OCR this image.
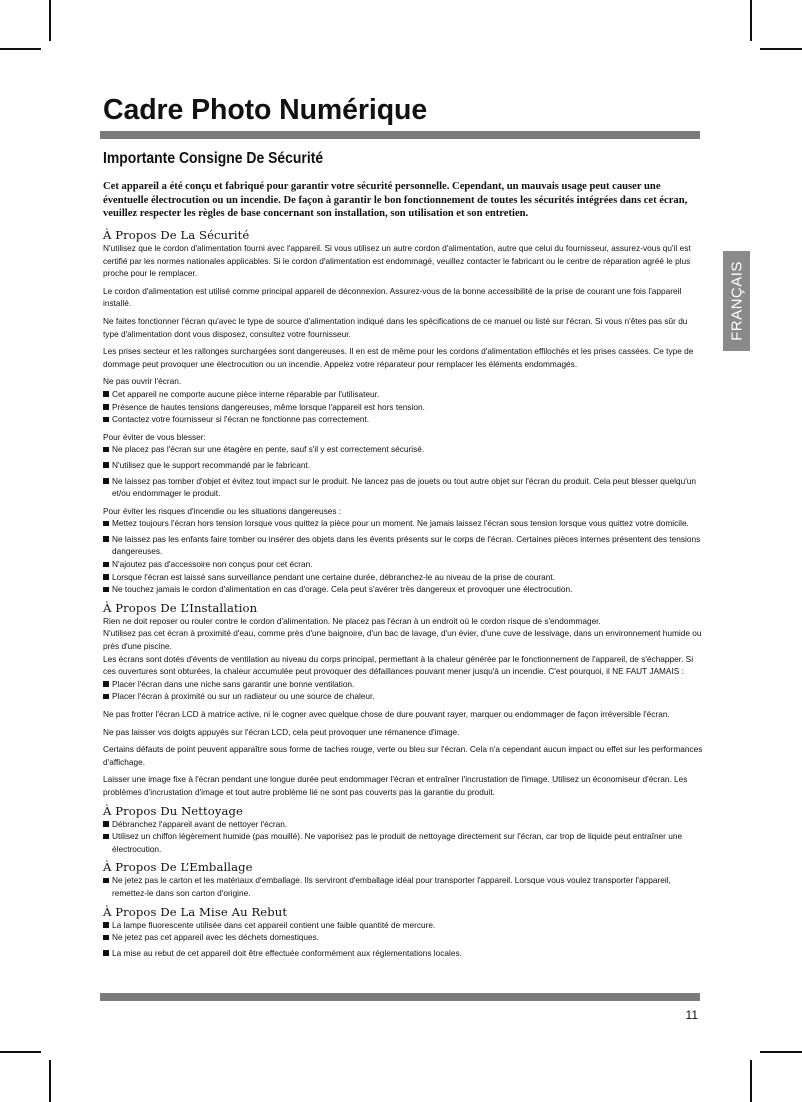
Cadre Photo Numérique
Importante Consigne De Sécurité

Cet appareil a été conçu et fabriqué pour garantir votre sécurité personnelle. Cependant, un mauvais usage peut causer une éventuelle électrocution ou un incendie. De façon à garantir le bon fonctionnement de toutes les sécurités intégrées dans cet écran, veuillez respecter les règles de base concernant son installation, son utilisation et son entretien.

FRANÇAIS
À Propos De La Sécurité

N'utilisez que le cordon d'alimentation fourni avec l'appareil. Si vous utilisez un autre cordon d'alimentation, autre que celui du fournisseur, assurez-vous qu'il est certifié par les normes nationales applicables. Si le cordon d'alimentation est endommagé, veuillez contacter le fabricant ou le centre de réparation agréé le plus proche pour le remplacer.

Le cordon d'alimentation est utilisé comme principal appareil de déconnexion. Assurez-vous de la bonne accessibilité de la prise de courant une fois l'appareil installé.

Ne faites fonctionner l'écran qu'avec le type de source d'alimentation indiqué dans les spécifications de ce manuel ou listé sur l'écran. Si vous n'êtes pas sûr du type d'alimentation dont vous disposez, consultez votre fournisseur.

Les prises secteur et les rallonges surchargées sont dangereuses. Il en est de même pour les cordons d'alimentation effilochés et les prises cassées. Ce type de dommage peut provoquer une électrocution ou un incendie. Appelez votre réparateur pour remplacer les éléments endommagés.

Ne pas ouvrir l'écran.

Cet appareil ne comporte aucune pièce interne réparable par l'utilisateur.
Présence de hautes tensions dangereuses, même lorsque l'appareil est hors tension.
Contactez votre fournisseur si l'écran ne fonctionne pas correctement.

Pour éviter de vous blesser:

Ne placez pas l'écran sur une étagère en pente, sauf s'il y est correctement sécurisé.
N'utilisez que le support recommandé par le fabricant.
Ne laissez pas tomber d'objet et évitez tout impact sur le produit. Ne lancez pas de jouets ou tout autre objet sur l'écran du produit. Cela peut blesser quelqu'un et/ou endommager le produit.

Pour éviter les risques d'incendie ou les situations dangereuses :

Mettez toujours l'écran hors tension lorsque vous quittez la pièce pour un moment. Ne jamais laissez l'écran sous tension lorsque vous quittez votre domicile.
Ne laissez pas les enfants faire tomber ou insérer des objets dans les évents présents sur le corps de l'écran. Certaines pièces internes présentent des tensions dangereuses.
N'ajoutez pas d'accessoire non conçus pour cet écran.
Lorsque l'écran est laissé sans surveillance pendant une certaine durée, débranchez-le au niveau de la prise de courant.
Ne touchez jamais le cordon d'alimentation en cas d'orage. Cela peut s'avérer très dangereux et provoquer une électrocution.
À Propos De L’Installation

Rien ne doit reposer ou rouler contre le cordon d'alimentation. Ne placez pas l'écran à un endroit où le cordon risque de s'endommager.

N'utilisez pas cet écran à proximité d'eau, comme près d'une baignoire, d'un bac de lavage, d'un évier, d'une cuve de lessivage, dans un environnement humide ou près d'une piscine.

Les écrans sont dotés d'évents de ventilation au niveau du corps principal, permettant à la chaleur générée par le fonctionnement de l'appareil, de s'échapper. Si ces ouvertures sont obturées, la chaleur accumulée peut provoquer des défaillances pouvant mener jusqu'à un incendie. C'est pourquoi, il NE FAUT JAMAIS :

Placer l'écran dans une niche sans garantir une bonne ventilation.
Placer l'écran à proximité ou sur un radiateur ou une source de chaleur.

Ne pas frotter l'écran LCD à matrice active, ni le cogner avec quelque chose de dure pouvant rayer, marquer ou endommager de façon irréversible l'écran.

Ne pas laisser vos doigts appuyés sur l'écran LCD, cela peut provoquer une rémanence d'image.

Certains défauts de point peuvent apparaître sous forme de taches rouge, verte ou bleu sur l'écran. Cela n'a cependant aucun impact ou effet sur les performances d'affichage.

Laisser une image fixe à l'écran pendant une longue durée peut endommager l'écran et entraîner l'incrustation de l'image. Utilisez un économiseur d'écran. Les problèmes d'incrustation d'image et tout autre problème lié ne sont pas couverts pas la garantie du produit.

À Propos Du Nettoyage
Débranchez l'appareil avant de nettoyer l'écran.
Utilisez un chiffon légèrement humide (pas mouillé). Ne vaporisez pas le produit de nettoyage directement sur l'écran, car trop de liquide peut entraîner une électrocution.
À Propos De L’Emballage
Ne jetez pas le carton et les matériaux d'emballage. Ils serviront d'emballage idéal pour transporter l'appareil. Lorsque vous voulez transporter l'appareil, remettez-le dans son carton d'origine.
À Propos De La Mise Au Rebut
La lampe fluorescente utilisée dans cet appareil contient une faible quantité de mercure.
Ne jetez pas cet appareil avec les déchets domestiques.
La mise au rebut de cet appareil doit être effectuée conformément aux réglementations locales.
11
